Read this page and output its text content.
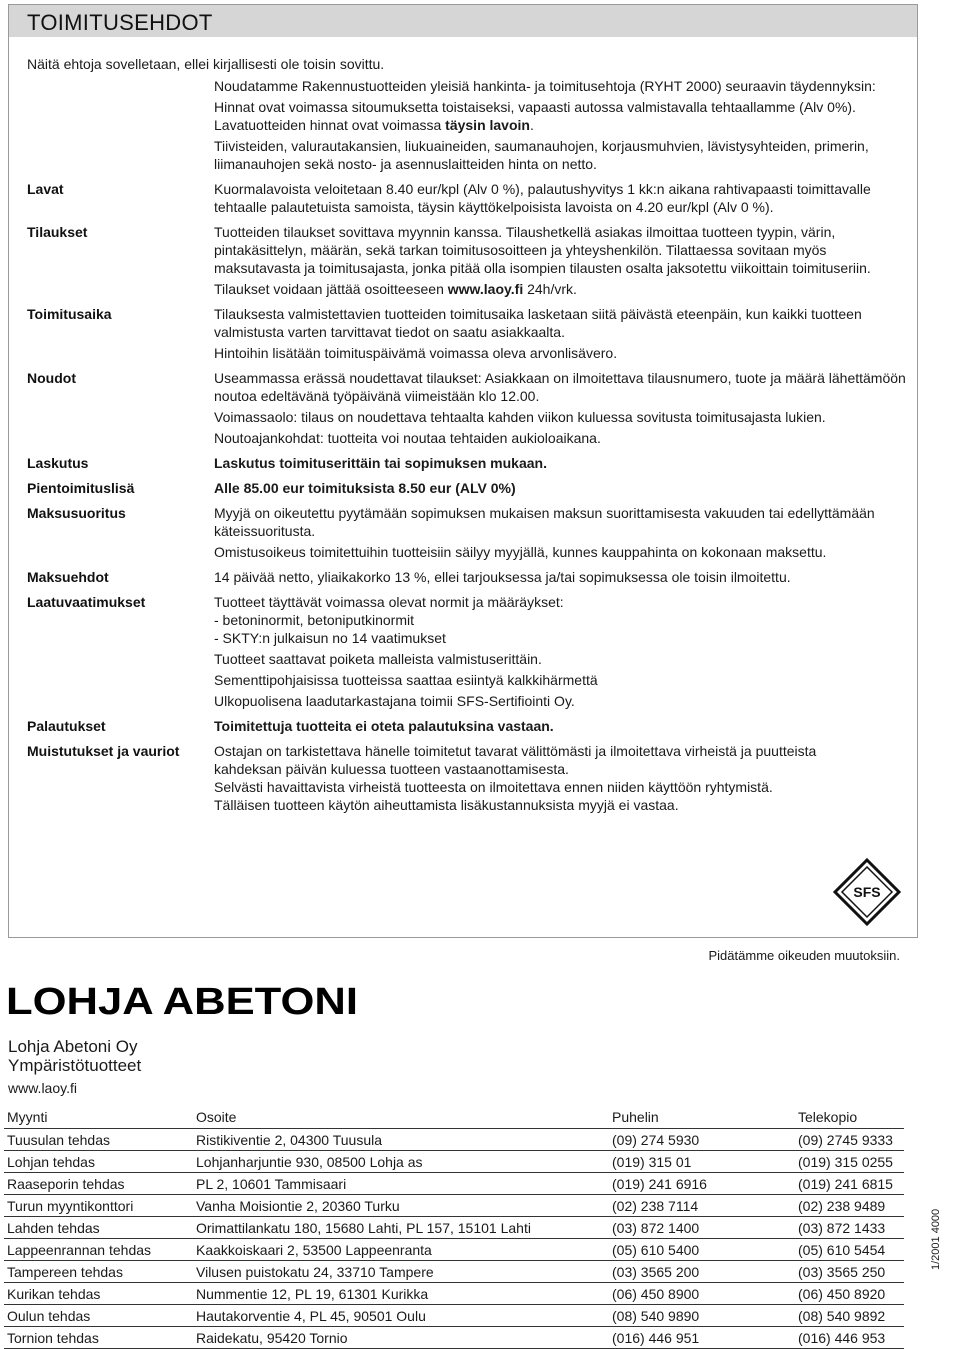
TOIMITUSEHDOT
Näitä ehtoja sovelletaan, ellei kirjallisesti ole toisin sovittu.

Noudatamme Rakennustuotteiden yleisiä hankinta- ja toimitusehtoja (RYHT 2000) seuraavin täydennyksin:

Hinnat ovat voimassa sitoumuksetta toistaiseksi, vapaasti autossa valmistavalla tehtaallamme (Alv 0%). Lavatuotteiden hinnat ovat voimassa täysin lavoin.

Tiivisteiden, valurautakansien, liukuaineiden, saumanauhojen, korjausmuhvien, lävistysyhteiden, primerin, liimanauhojen sekä nosto- ja asennuslaitteiden hinta on netto.

Lavat	Kuormalavoista veloitetaan 8.40 eur/kpl (Alv 0 %), palautushyvitys 1 kk:n aikana rahtivapaasti toimittavalle tehtaalle palautetuista samoista, täysin käyttökelpoisista lavoista on 4.20 eur/kpl (Alv 0 %).

Tilaukset	Tuotteiden tilaukset sovittava myynnin kanssa. Tilaushetkellä asiakas ilmoittaa tuotteen tyypin, värin, pintakäsittelyn, määrän, sekä tarkan toimitusosoitteen ja yhteyshenkilön. Tilattaessa sovitaan myös maksutavasta ja toimitusajasta, jonka pitää olla isompien tilausten osalta jaksotettu viikoittain toimituseriin.

Tilaukset voidaan jättää osoitteeseen www.laoy.fi 24h/vrk.

Toimitusaika	Tilauksesta valmistettavien tuotteiden toimitusaika lasketaan siitä päivästä eteenpäin, kun kaikki tuotteen valmistusta varten tarvittavat tiedot on saatu asiakkaalta.

Hintoihin lisätään toimituspäivämä voimassa oleva arvonlisävero.

Noudot	Useammassa erässä noudettavat tilaukset: Asiakkaan on ilmoitettava tilausnumero, tuote ja määrä lähettämöön noutoa edeltävänä työpäivänä viimeistään klo 12.00.

Voimassaolo: tilaus on noudettava tehtaalta kahden viikon kuluessa sovitusta toimitusajasta lukien.

Noutoajankohdat: tuotteita voi noutaa tehtaiden aukioloaikana.

Laskutus	Laskutus toimituserittäin tai sopimuksen mukaan.

Pientoimituslisä	Alle 85.00 eur toimituksista 8.50 eur (ALV 0%)

Maksusuoritus	Myyjä on oikeutettu pyytämään sopimuksen mukaisen maksun suorittamisesta vakuuden tai edellyttämään käteissuoritusta.

Omistusoikeus toimitettuihin tuotteisiin säilyy myyjällä, kunnes kauppahinta on kokonaan maksettu.

Maksuehdot	14 päivää netto, yliaikakorko 13 %, ellei tarjouksessa ja/tai sopimuksessa ole toisin ilmoitettu.

Laatuvaatimukset	Tuotteet täyttävät voimassa olevat normit ja määräykset:

- betoninormit, betoniputkinormit

- SKTY:n julkaisun no 14 vaatimukset

Tuotteet saattavat poiketa malleista valmistuserittäin.

Sementtipohjaisissa tuotteissa saattaa esiintyä kalkkihärmettä

Ulkopuolisena laadutarkastajana toimii SFS-Sertifiointi Oy.

Palautukset	Toimitettuja tuotteita ei oteta palautuksina vastaan.

Muistutukset ja vauriot	Ostajan on tarkistettava hänelle toimitetut tavarat välittömästi ja ilmoitettava virheistä ja puutteista kahdeksan päivän kuluessa tuotteen vastaanottamisesta.

Selvästi havaittavista virheistä tuotteesta on ilmoitettava ennen niiden käyttöön ryhtymistä. Tälläisen tuotteen käytön aiheuttamista lisäkustannuksista myyjä ei vastaa.

SFS
Pidätämme oikeuden muutoksiin.
LOHJA ABETONI
Lohja Abetoni Oy
Ympäristötuotteet
www.laoy.fi
Myynti	Osoite	Puhelin	Telekopio
Tuusulan tehdas	Ristikiventie 2, 04300 Tuusula	(09) 274 5930	(09) 2745 9333
Lohjan tehdas	Lohjanharjuntie 930, 08500 Lohja as	(019) 315 01	(019) 315 0255
Raaseporin tehdas	PL 2, 10601 Tammisaari	(019) 241 6916	(019) 241 6815
Turun myyntikonttori	Vanha Moisiontie 2, 20360 Turku	(02) 238 7114	(02) 238 9489
Lahden tehdas	Orimattilankatu 180, 15680 Lahti, PL 157, 15101 Lahti	(03) 872 1400	(03) 872 1433
Lappeenrannan tehdas	Kaakkoiskaari 2, 53500 Lappeenranta	(05) 610 5400	(05) 610 5454
Tampereen tehdas	Vilusen puistokatu 24, 33710 Tampere	(03) 3565 200	(03) 3565 250
Kurikan tehdas	Nummentie 12, PL 19, 61301 Kurikka	(06) 450 8900	(06) 450 8920
Oulun tehdas	Hautakorventie 4, PL 45, 90501 Oulu	(08) 540 9890	(08) 540 9892
Tornion tehdas	Raidekatu, 95420 Tornio	(016) 446 951	(016) 446 953
1/2001 4000
